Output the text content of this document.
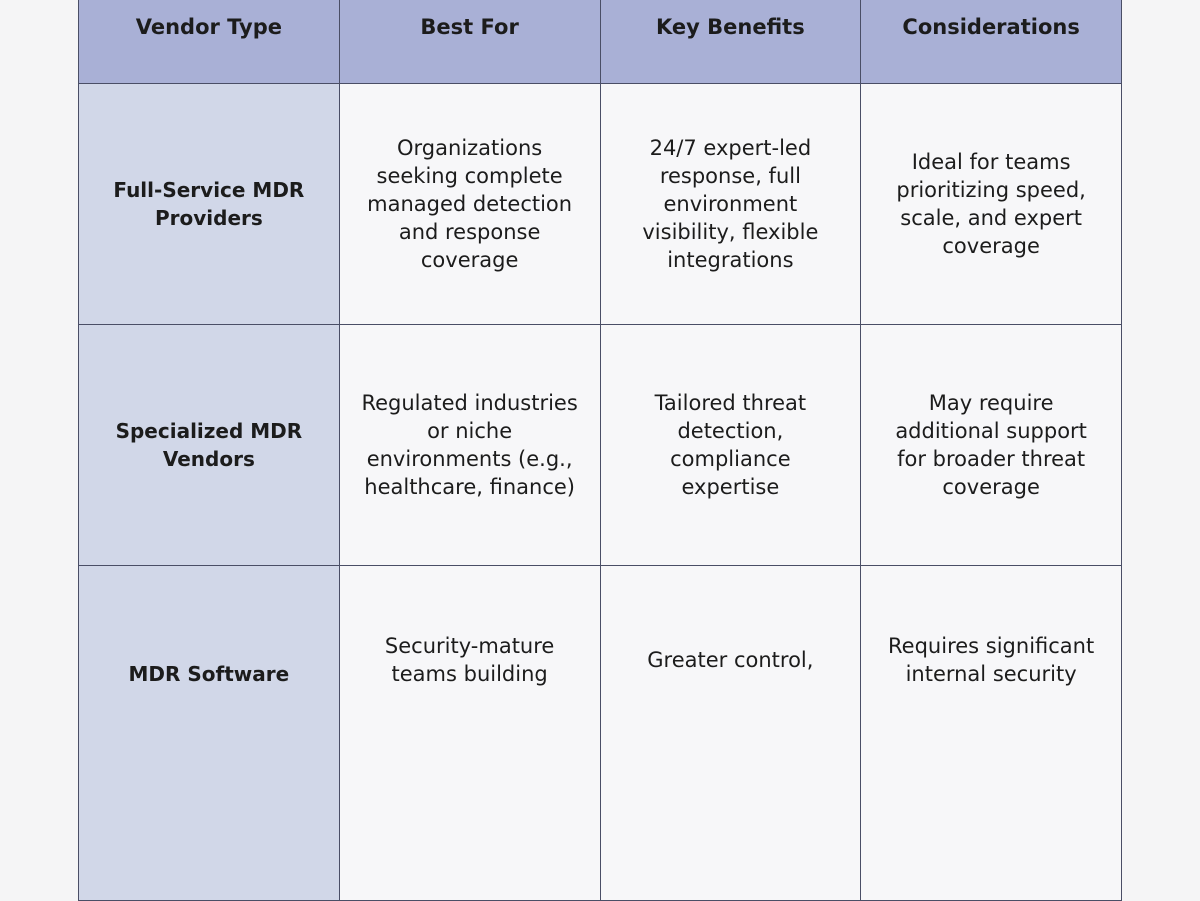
Vendor Type	Best For	Key Benefits	Considerations
Full-Service MDR Providers	Organizations seeking complete managed detection and response coverage	24/7 expert-led response, full environment visibility, flexible integrations	Ideal for teams prioritizing speed, scale, and expert coverage
Specialized MDR Vendors	Regulated industries or niche environments (e.g., healthcare, finance)	Tailored threat detection, compliance expertise	May require additional support for broader threat coverage
MDR Software	Security-mature teams building	Greater control,	Requires significant internal security
